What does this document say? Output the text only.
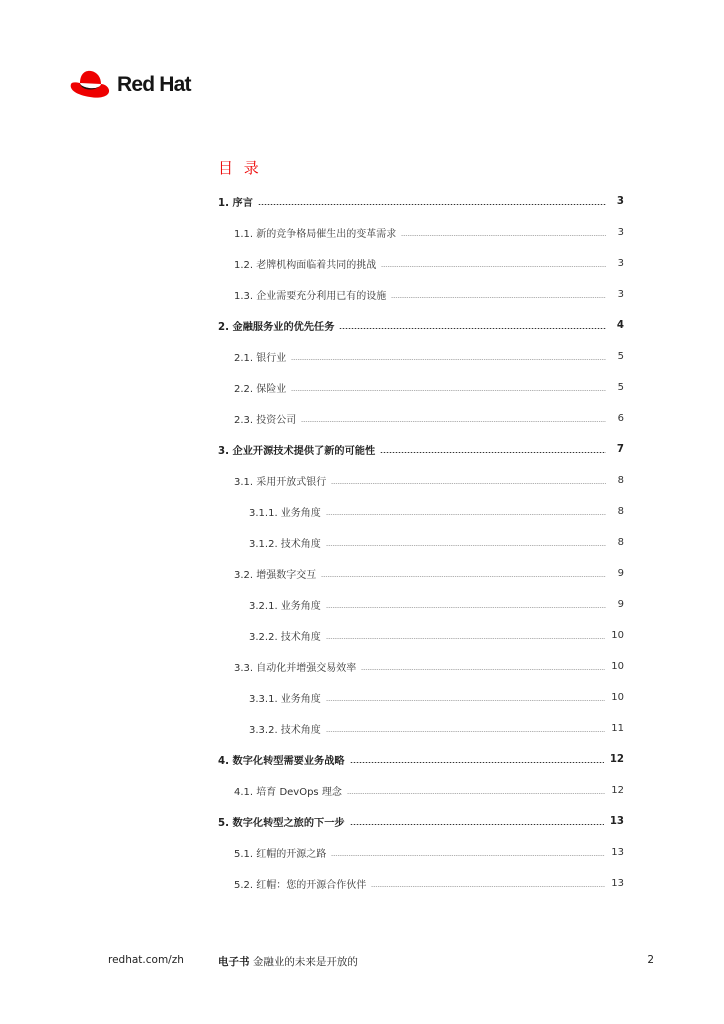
Red Hat
目 录
1. 序言	3
1.1. 新的竞争格局催生出的变革需求	3
1.2. 老牌机构面临着共同的挑战	3
1.3. 企业需要充分利用已有的设施	3
2. 金融服务业的优先任务	4
2.1. 银行业	5
2.2. 保险业	5
2.3. 投资公司	6
3. 企业开源技术提供了新的可能性	7
3.1. 采用开放式银行	8
3.1.1. 业务角度	8
3.1.2. 技术角度	8
3.2. 增强数字交互	9
3.2.1. 业务角度	9
3.2.2. 技术角度	10
3.3. 自动化并增强交易效率	10
3.3.1. 业务角度	10
3.3.2. 技术角度	11
4. 数字化转型需要业务战略	12
4.1. 培育 DevOps 理念	12
5. 数字化转型之旅的下一步	13
5.1. 红帽的开源之路	13
5.2. 红帽：您的开源合作伙伴	13
redhat.com/zh	电子书 金融业的未来是开放的	2
